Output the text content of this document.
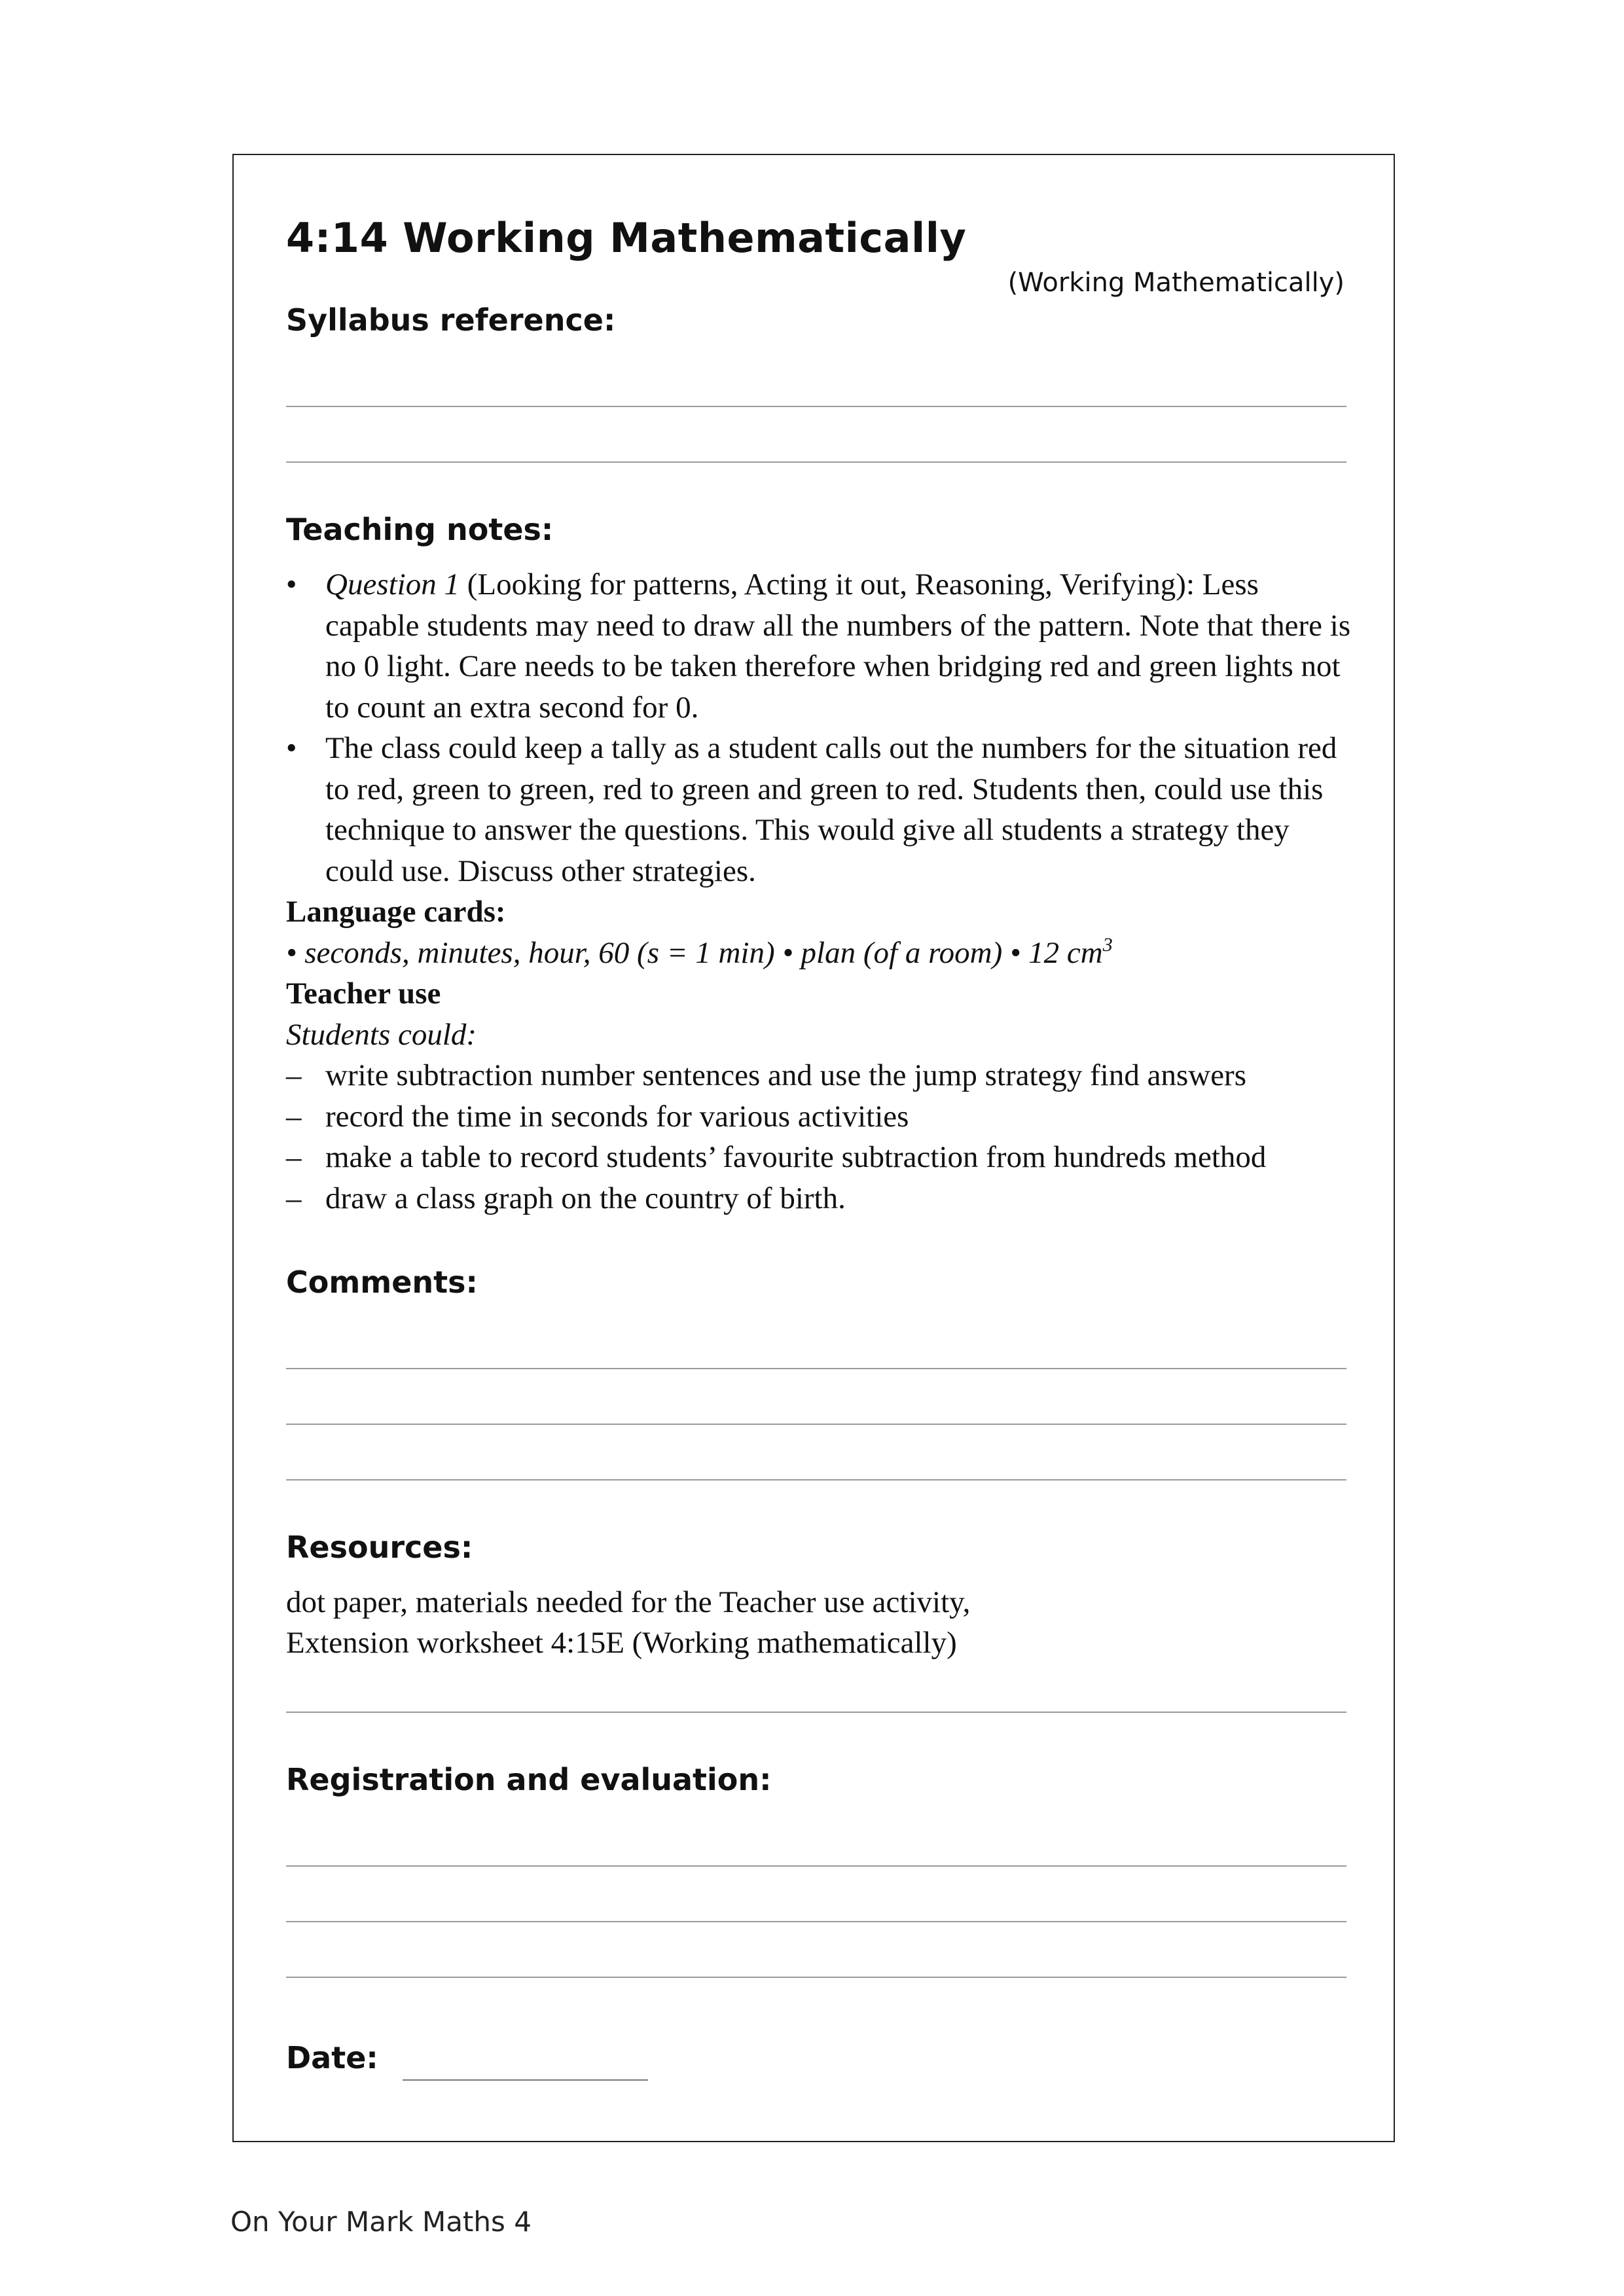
4:14 Working Mathematically
(Working Mathematically)
Syllabus reference:
Teaching notes:
• Question 1 (Looking for patterns, Acting it out, Reasoning, Verifying): Less capable students may need to draw all the numbers of the pattern. Note that there is no 0 light. Care needs to be taken therefore when bridging red and green lights not to count an extra second for 0.
• The class could keep a tally as a student calls out the numbers for the situation red to red, green to green, red to green and green to red. Students then, could use this technique to answer the questions. This would give all students a strategy they could use. Discuss other strategies.
Language cards:
• seconds, minutes, hour, 60 (s = 1 min) • plan (of a room) • 12 $cm^3$
Teacher use
Students could:
– write subtraction number sentences and use the jump strategy find answers
– record the time in seconds for various activities
– make a table to record students’ favourite subtraction from hundreds method
– draw a class graph on the country of birth.
Comments:
Resources:
dot paper, materials needed for the Teacher use activity,
Extension worksheet 4:15E (Working mathematically)
Registration and evaluation:
Date:
On Your Mark Maths 4
